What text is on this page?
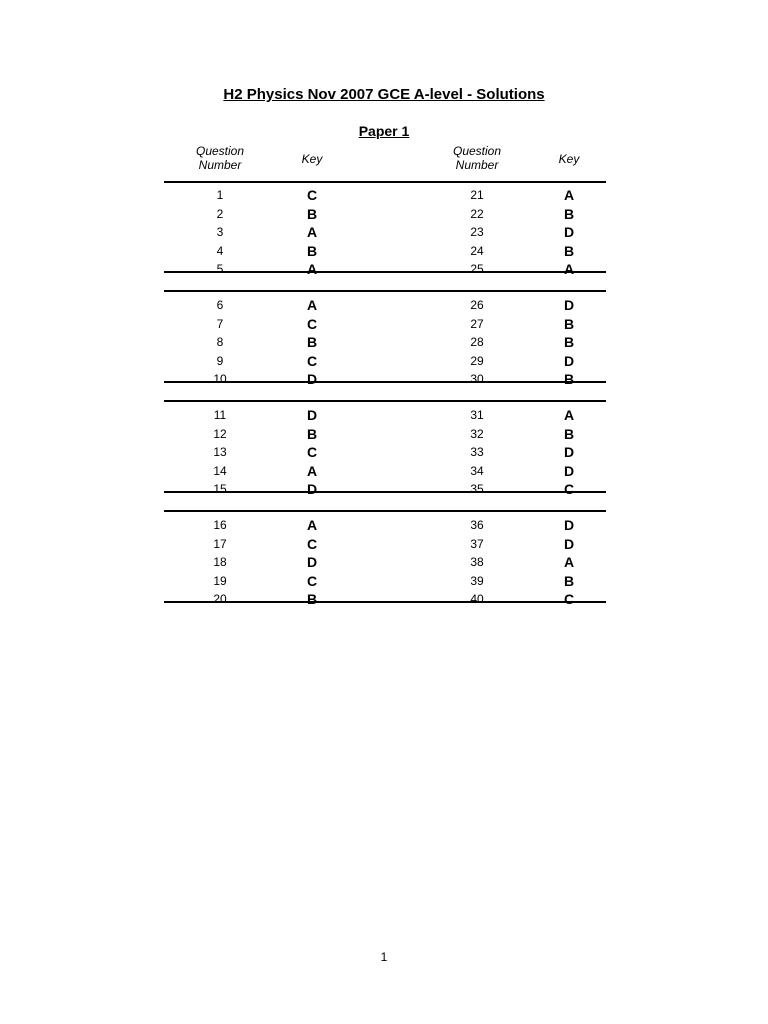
H2 Physics Nov 2007 GCE A-level - Solutions
Paper 1
Question
Number	Key
Question
Number	Key
1	C	21	A
2	B	22	B
3	A	23	D
4	B	24	B
5	A	25	A
6	A	26	D
7	C	27	B
8	B	28	B
9	C	29	D
10	D	30	B
11	D	31	A
12	B	32	B
13	C	33	D
14	A	34	D
15	D	35	C
16	A	36	D
17	C	37	D
18	D	38	A
19	C	39	B
20	B	40	C
1
